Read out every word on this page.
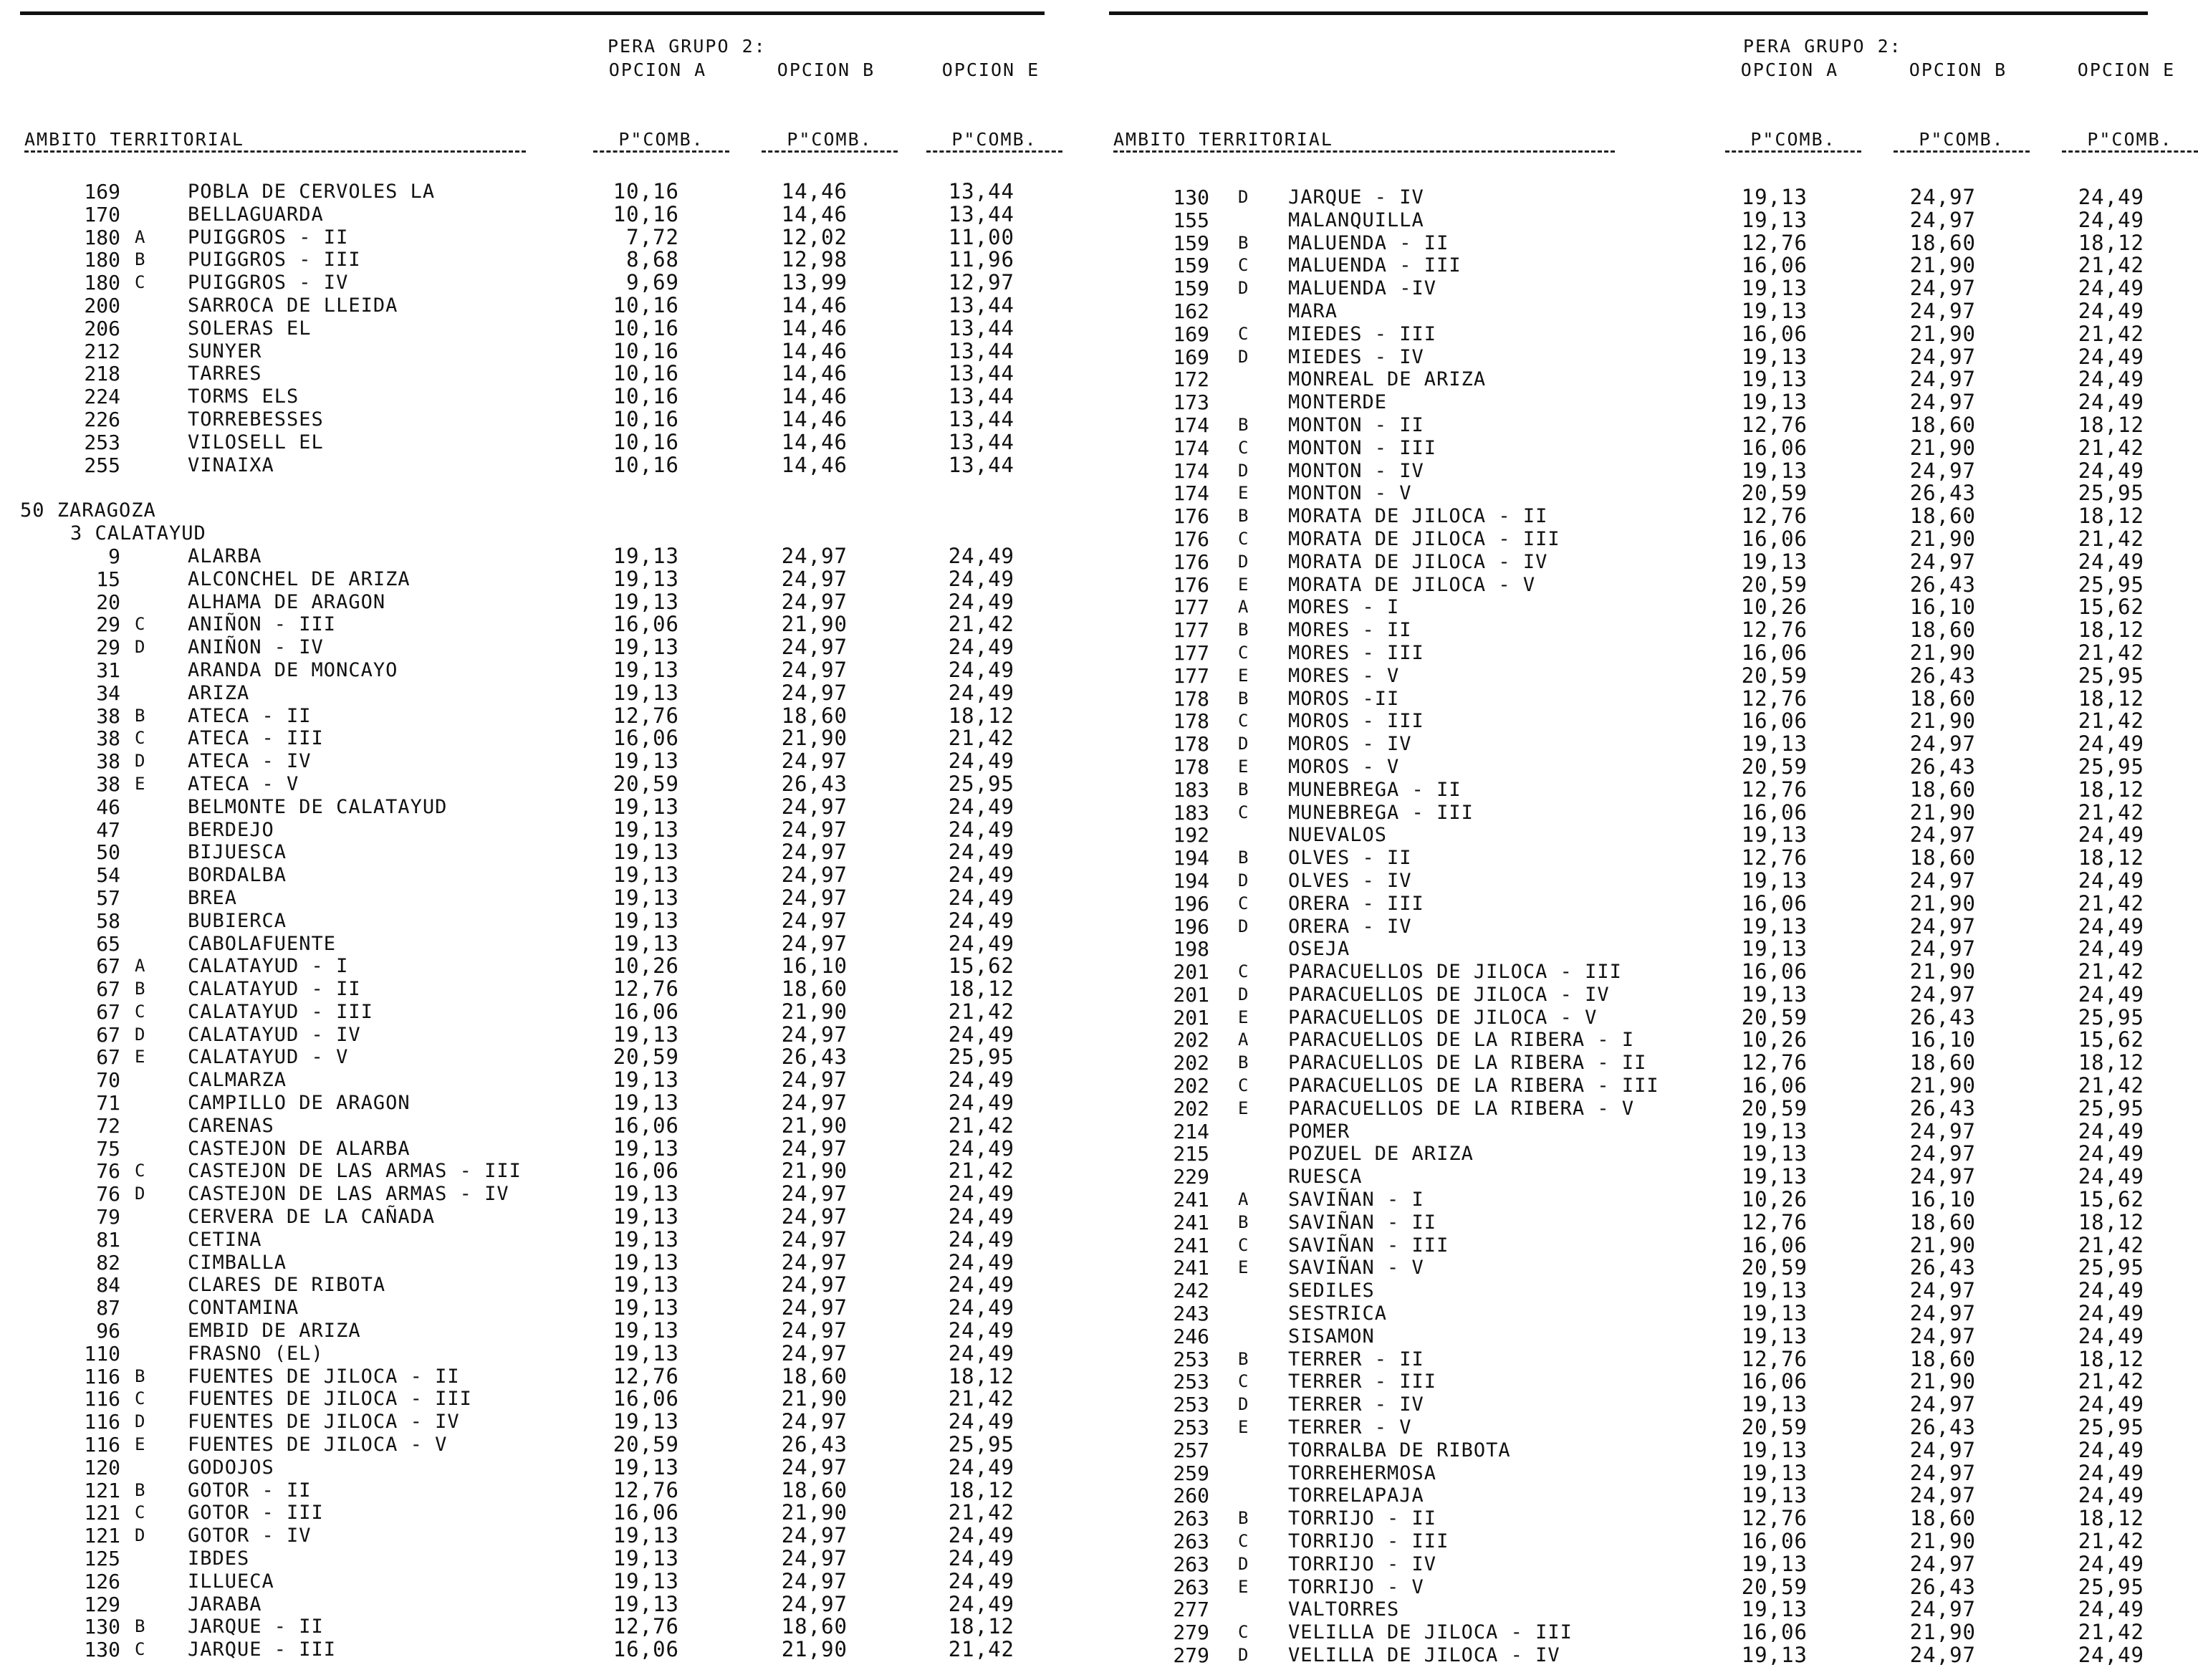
PERA GRUPO 2:
OPCION A	OPCION B	OPCION E
AMBITO TERRITORIAL	P"COMB.	P"COMB.	P"COMB.
169	POBLA DE CERVOLES LA	10,16	14,46	13,44
170	BELLAGUARDA	10,16	14,46	13,44
180 A PUIGGROS - II	7,72	12,02	11,00
180 B PUIGGROS - III	8,68	12,98	11,96
180 C PUIGGROS - IV	9,69	13,99	12,97
200	SARROCA DE LLEIDA	10,16	14,46	13,44
206	SOLERAS EL	10,16	14,46	13,44
212	SUNYER	10,16	14,46	13,44
218	TARRES	10,16	14,46	13,44
224	TORMS ELS	10,16	14,46	13,44
226	TORREBESSES	10,16	14,46	13,44
253	VILOSELL EL	10,16	14,46	13,44
255	VINAIXA	10,16	14,46	13,44
50 ZARAGOZA
3 CALATAYUD
9	ALARBA	19,13	24,97	24,49
15	ALCONCHEL DE ARIZA	19,13	24,97	24,49
20	ALHAMA DE ARAGON	19,13	24,97	24,49
29 C ANIÑON - III	16,06	21,90	21,42
29 D ANIÑON - IV	19,13	24,97	24,49
31	ARANDA DE MONCAYO	19,13	24,97	24,49
34	ARIZA	19,13	24,97	24,49
38 B ATECA - II	12,76	18,60	18,12
38 C ATECA - III	16,06	21,90	21,42
38 D ATECA - IV	19,13	24,97	24,49
38 E ATECA - V	20,59	26,43	25,95
46	BELMONTE DE CALATAYUD	19,13	24,97	24,49
47	BERDEJO	19,13	24,97	24,49
50	BIJUESCA	19,13	24,97	24,49
54	BORDALBA	19,13	24,97	24,49
57	BREA	19,13	24,97	24,49
58	BUBIERCA	19,13	24,97	24,49
65	CABOLAFUENTE	19,13	24,97	24,49
67 A CALATAYUD - I	10,26	16,10	15,62
67 B CALATAYUD - II	12,76	18,60	18,12
67 C CALATAYUD - III	16,06	21,90	21,42
67 D CALATAYUD - IV	19,13	24,97	24,49
67 E CALATAYUD - V	20,59	26,43	25,95
70	CALMARZA	19,13	24,97	24,49
71	CAMPILLO DE ARAGON	19,13	24,97	24,49
72	CARENAS	16,06	21,90	21,42
75	CASTEJON DE ALARBA	19,13	24,97	24,49
76 C CASTEJON DE LAS ARMAS - III	16,06	21,90	21,42
76 D CASTEJON DE LAS ARMAS - IV	19,13	24,97	24,49
79	CERVERA DE LA CAÑADA	19,13	24,97	24,49
81	CETINA	19,13	24,97	24,49
82	CIMBALLA	19,13	24,97	24,49
84	CLARES DE RIBOTA	19,13	24,97	24,49
87	CONTAMINA	19,13	24,97	24,49
96	EMBID DE ARIZA	19,13	24,97	24,49
110	FRASNO (EL)	19,13	24,97	24,49
116 B FUENTES DE JILOCA - II	12,76	18,60	18,12
116 C FUENTES DE JILOCA - III	16,06	21,90	21,42
116 D FUENTES DE JILOCA - IV	19,13	24,97	24,49
116 E FUENTES DE JILOCA - V	20,59	26,43	25,95
120	GODOJOS	19,13	24,97	24,49
121 B GOTOR - II	12,76	18,60	18,12
121 C GOTOR - III	16,06	21,90	21,42
121 D GOTOR - IV	19,13	24,97	24,49
125	IBDES	19,13	24,97	24,49
126	ILLUECA	19,13	24,97	24,49
129	JARABA	19,13	24,97	24,49
130 B JARQUE - II	12,76	18,60	18,12
130 C JARQUE - III	16,06	21,90	21,42
PERA GRUPO 2:
OPCION A	OPCION B	OPCION E
AMBITO TERRITORIAL	P"COMB.	P"COMB.	P"COMB.
130 D JARQUE - IV	19,13	24,97	24,49
155	MALANQUILLA	19,13	24,97	24,49
159 B MALUENDA - II	12,76	18,60	18,12
159 C MALUENDA - III	16,06	21,90	21,42
159 D MALUENDA -IV	19,13	24,97	24,49
162	MARA	19,13	24,97	24,49
169 C MIEDES - III	16,06	21,90	21,42
169 D MIEDES - IV	19,13	24,97	24,49
172	MONREAL DE ARIZA	19,13	24,97	24,49
173	MONTERDE	19,13	24,97	24,49
174 B MONTON - II	12,76	18,60	18,12
174 C MONTON - III	16,06	21,90	21,42
174 D MONTON - IV	19,13	24,97	24,49
174 E MONTON - V	20,59	26,43	25,95
176 B MORATA DE JILOCA - II	12,76	18,60	18,12
176 C MORATA DE JILOCA - III	16,06	21,90	21,42
176 D MORATA DE JILOCA - IV	19,13	24,97	24,49
176 E MORATA DE JILOCA - V	20,59	26,43	25,95
177 A MORES - I	10,26	16,10	15,62
177 B MORES - II	12,76	18,60	18,12
177 C MORES - III	16,06	21,90	21,42
177 E MORES - V	20,59	26,43	25,95
178 B MOROS -II	12,76	18,60	18,12
178 C MOROS - III	16,06	21,90	21,42
178 D MOROS - IV	19,13	24,97	24,49
178 E MOROS - V	20,59	26,43	25,95
183 B MUNEBREGA - II	12,76	18,60	18,12
183 C MUNEBREGA - III	16,06	21,90	21,42
192	NUEVALOS	19,13	24,97	24,49
194 B OLVES - II	12,76	18,60	18,12
194 D OLVES - IV	19,13	24,97	24,49
196 C ORERA - III	16,06	21,90	21,42
196 D ORERA - IV	19,13	24,97	24,49
198	OSEJA	19,13	24,97	24,49
201 C PARACUELLOS DE JILOCA - III	16,06	21,90	21,42
201 D PARACUELLOS DE JILOCA - IV	19,13	24,97	24,49
201 E PARACUELLOS DE JILOCA - V	20,59	26,43	25,95
202 A PARACUELLOS DE LA RIBERA - I	10,26	16,10	15,62
202 B PARACUELLOS DE LA RIBERA - II	12,76	18,60	18,12
202 C PARACUELLOS DE LA RIBERA - III	16,06	21,90	21,42
202 E PARACUELLOS DE LA RIBERA - V	20,59	26,43	25,95
214	POMER	19,13	24,97	24,49
215	POZUEL DE ARIZA	19,13	24,97	24,49
229	RUESCA	19,13	24,97	24,49
241 A SAVIÑAN - I	10,26	16,10	15,62
241 B SAVIÑAN - II	12,76	18,60	18,12
241 C SAVIÑAN - III	16,06	21,90	21,42
241 E SAVIÑAN - V	20,59	26,43	25,95
242	SEDILES	19,13	24,97	24,49
243	SESTRICA	19,13	24,97	24,49
246	SISAMON	19,13	24,97	24,49
253 B TERRER - II	12,76	18,60	18,12
253 C TERRER - III	16,06	21,90	21,42
253 D TERRER - IV	19,13	24,97	24,49
253 E TERRER - V	20,59	26,43	25,95
257	TORRALBA DE RIBOTA	19,13	24,97	24,49
259	TORREHERMOSA	19,13	24,97	24,49
260	TORRELAPAJA	19,13	24,97	24,49
263 B TORRIJO - II	12,76	18,60	18,12
263 C TORRIJO - III	16,06	21,90	21,42
263 D TORRIJO - IV	19,13	24,97	24,49
263 E TORRIJO - V	20,59	26,43	25,95
277	VALTORRES	19,13	24,97	24,49
279 C VELILLA DE JILOCA - III	16,06	21,90	21,42
279 D VELILLA DE JILOCA - IV	19,13	24,97	24,49
